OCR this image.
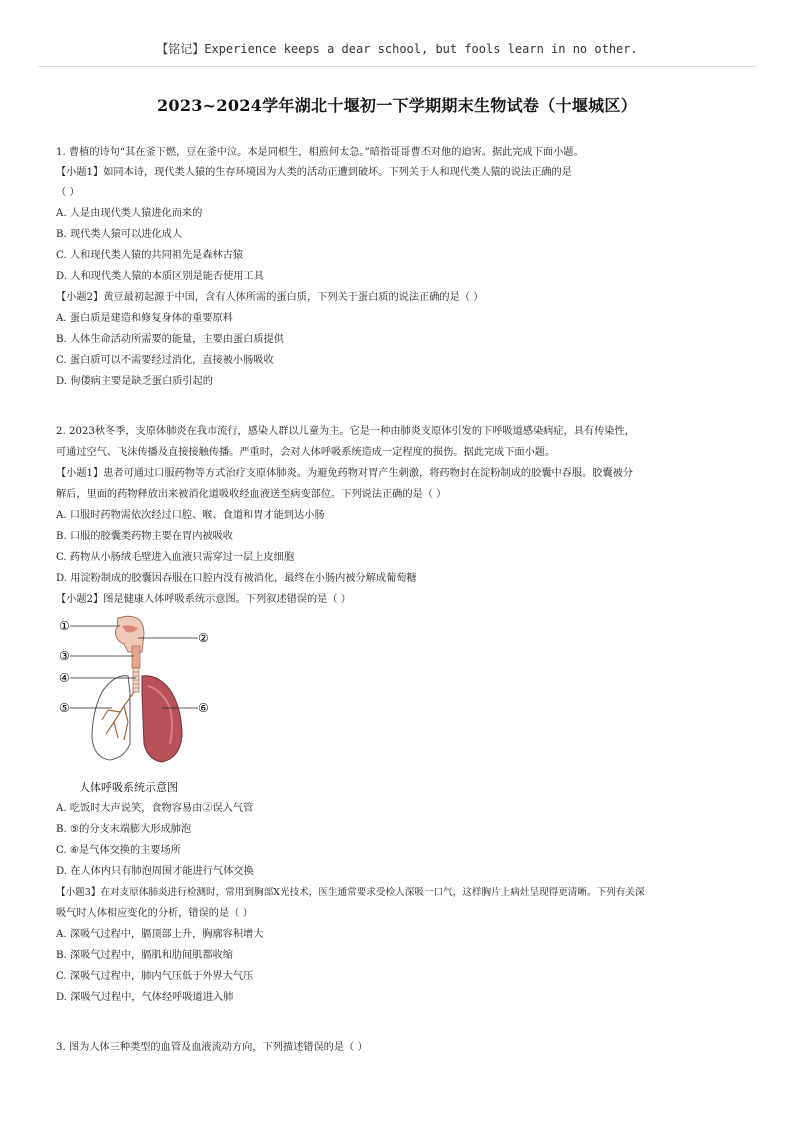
【铭记】Experience keeps a dear school, but fools learn in no other.
2023~2024学年湖北十堰初一下学期期末生物试卷（十堰城区）
1. 曹植的诗句“其在釜下燃，豆在釜中泣。本是同根生，相煎何太急。”暗指哥哥曹丕对他的迫害。据此完成下面小题。
【小题1】如同本诗，现代类人猿的生存环境因为人类的活动正遭到破坏。下列关于人和现代类人猿的说法正确的是
（ ）
A. 人是由现代类人猿进化而来的
B. 现代类人猿可以进化成人
C. 人和现代类人猿的共同祖先是森林古猿
D. 人和现代类人猿的本质区别是能否使用工具
【小题2】黄豆最初起源于中国，含有人体所需的蛋白质，下列关于蛋白质的说法正确的是（ ）
A. 蛋白质是建造和修复身体的重要原料
B. 人体生命活动所需要的能量，主要由蛋白质提供
C. 蛋白质可以不需要经过消化，直接被小肠吸收
D. 佝偻病主要是缺乏蛋白质引起的
2. 2023秋冬季，支原体肺炎在我市流行，感染人群以儿童为主。它是一种由肺炎支原体引发的下呼吸道感染病症，具有传染性，
可通过空气、飞沫传播及直接接触传播。严重时，会对人体呼吸系统造成一定程度的损伤。据此完成下面小题。
【小题1】患者可通过口服药物等方式治疗支原体肺炎。为避免药物对胃产生刺激，将药物封在淀粉制成的胶囊中吞服。胶囊被分
解后，里面的药物释放出来被消化道吸收经血液送至病变部位。下列说法正确的是（ ）
A. 口服时药物需依次经过口腔、喉、食道和胃才能到达小肠
B. 口服的胶囊类药物主要在胃内被吸收
C. 药物从小肠绒毛壁进入血液只需穿过一层上皮细胞
D. 用淀粉制成的胶囊因吞服在口腔内没有被消化，最终在小肠内被分解成葡萄糖
【小题2】图是健康人体呼吸系统示意图。下列叙述错误的是（ ）
①
②
③
④
⑤	⑥
人体呼吸系统示意图
A. 吃饭时大声说笑，食物容易由②误入气管
B. ⑤的分支末端膨大形成肺泡
C. ⑥是气体交换的主要场所
D. 在人体内只有肺泡周围才能进行气体交换
【小题3】在对支原体肺炎进行检测时，常用到胸部X光技术，医生通常要求受检人深吸一口气，这样胸片上病灶呈现得更清晰。下列有关深
吸气时人体相应变化的分析，错误的是（ ）
A. 深吸气过程中，膈顶部上升，胸廓容积增大
B. 深吸气过程中，膈肌和肋间肌都收缩
C. 深吸气过程中，肺内气压低于外界大气压
D. 深吸气过程中，气体经呼吸道进入肺
3. 图为人体三种类型的血管及血液流动方向，下列描述错误的是（ ）
